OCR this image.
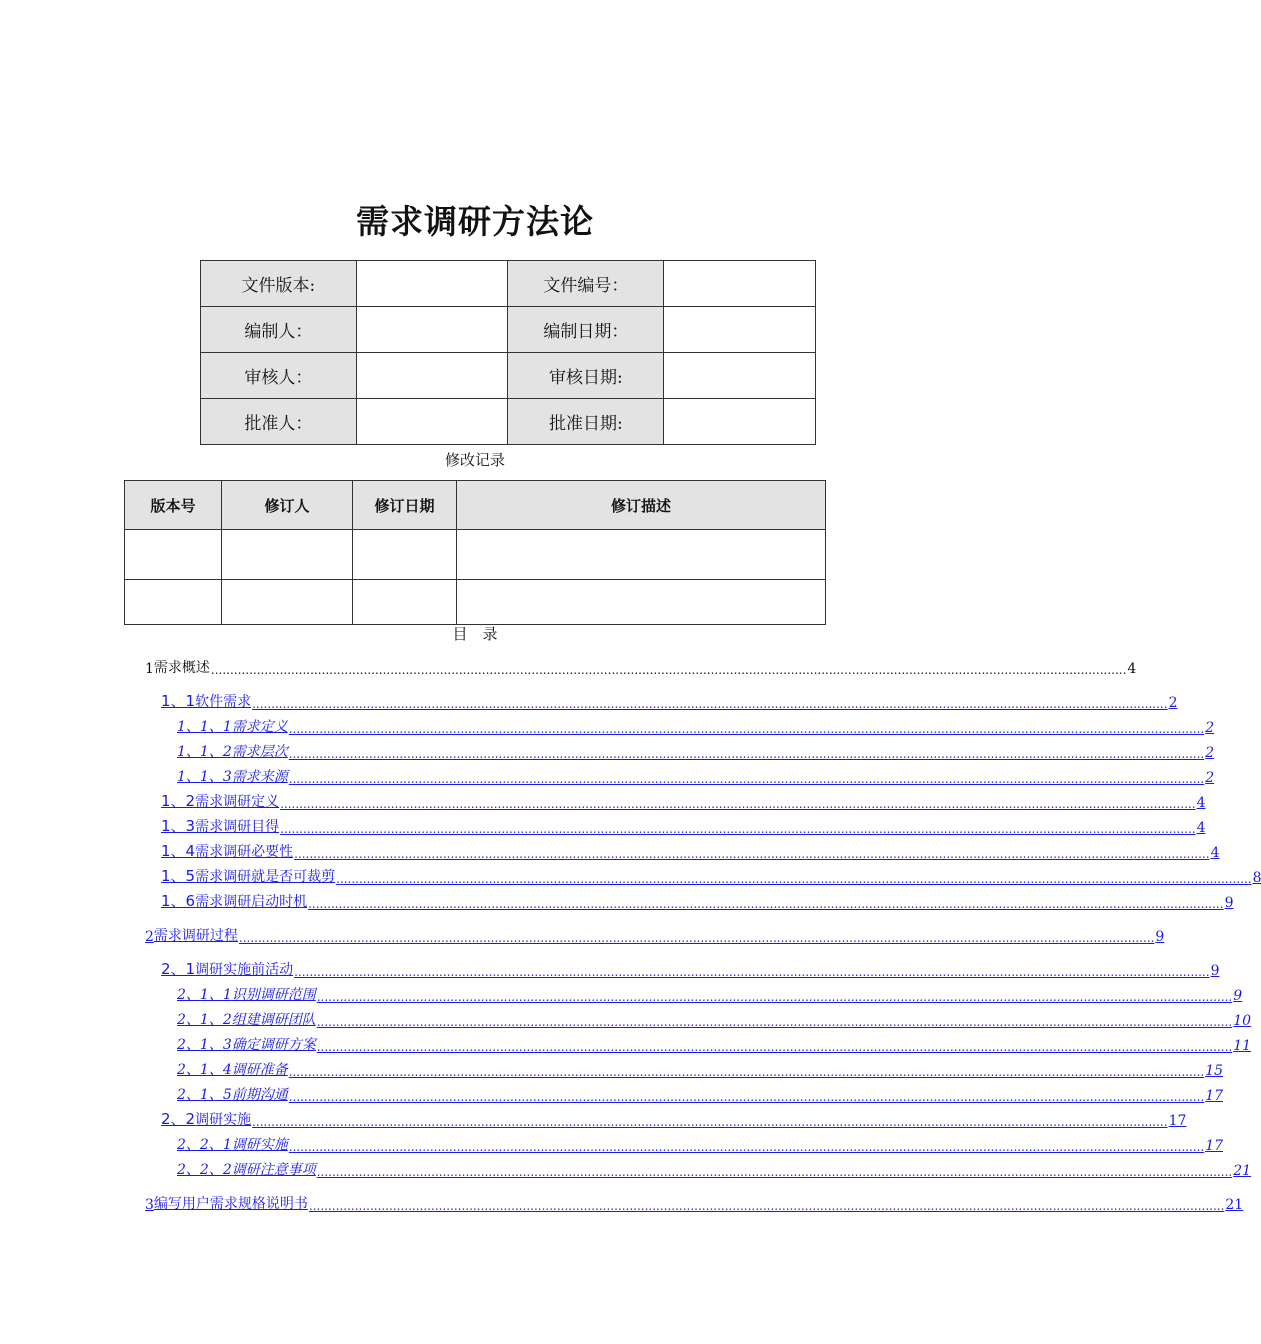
需求调研方法论
文件版本:		文件编号：	
编制人：		编制日期：	
审核人：		审核日期:	
批准人：		批准日期:	
修改记录
版本号	修订人	修订日期	修订描述

目　录
1 需求概述 ................................................................................................................................................................................................................................................ 4
1、1 软件需求 ................................................................................................................................................................................................................................................ 2
1、1、1 需求定义 ................................................................................................................................................................................................................................................ 2
1、1、2 需求层次 ................................................................................................................................................................................................................................................ 2
1、1、3 需求来源 ................................................................................................................................................................................................................................................ 2
1、2 需求调研定义 ................................................................................................................................................................................................................................................ 4
1、3 需求调研目得 ................................................................................................................................................................................................................................................ 4
1、4 需求调研必要性 ................................................................................................................................................................................................................................................ 4
1、5 需求调研就是否可裁剪 ................................................................................................................................................................................................................................................ 8
1、6 需求调研启动时机 ................................................................................................................................................................................................................................................ 9
2 需求调研过程 ................................................................................................................................................................................................................................................ 9
2、1 调研实施前活动 ................................................................................................................................................................................................................................................ 9
2、1、1 识别调研范围 ................................................................................................................................................................................................................................................ 9
2、1、2 组建调研团队 ................................................................................................................................................................................................................................................ 10
2、1、3 确定调研方案 ................................................................................................................................................................................................................................................ 11
2、1、4 调研准备 ................................................................................................................................................................................................................................................ 15
2、1、5 前期沟通 ................................................................................................................................................................................................................................................ 17
2、2 调研实施 ................................................................................................................................................................................................................................................ 17
2、2、1 调研实施 ................................................................................................................................................................................................................................................ 17
2、2、2 调研注意事项 ................................................................................................................................................................................................................................................ 21
3 编写用户需求规格说明书 ................................................................................................................................................................................................................................................ 21
